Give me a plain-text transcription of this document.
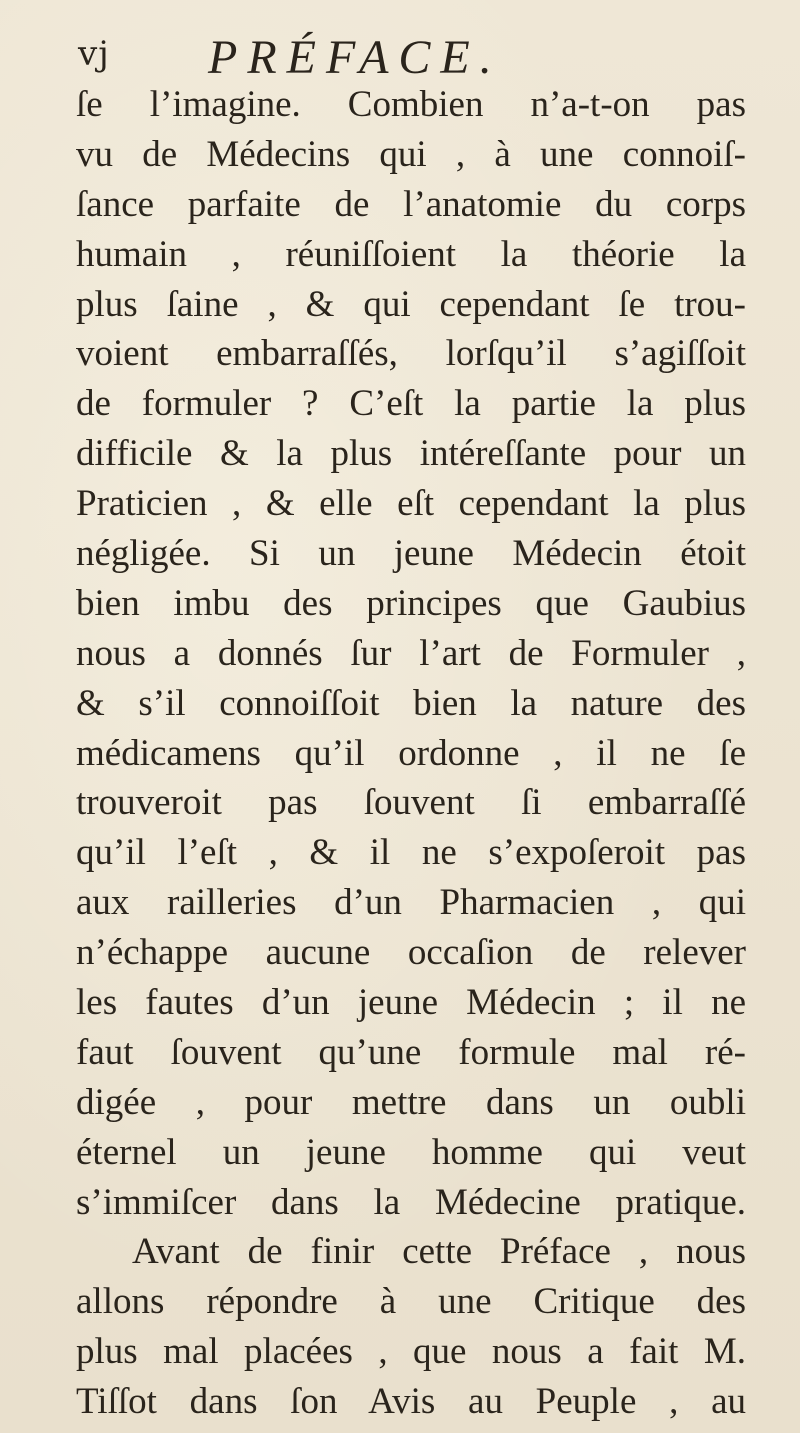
vj PRÉFACE.
ſe l’imagine. Combien n’a-t-on pas
vu de Médecins qui , à une connoiſ-
ſance parfaite de l’anatomie du corps
humain , réuniſſoient la théorie la
plus ſaine , & qui cependant ſe trou-
voient embarraſſés, lorſqu’il s’agiſſoit
de formuler ? C’eſt la partie la plus
difficile & la plus intéreſſante pour un
Praticien , & elle eſt cependant la plus
négligée. Si un jeune Médecin étoit
bien imbu des principes que Gaubius
nous a donnés ſur l’art de Formuler ,
& s’il connoiſſoit bien la nature des
médicamens qu’il ordonne , il ne ſe
trouveroit pas ſouvent ſi embarraſſé
qu’il l’eſt , & il ne s’expoſeroit pas
aux railleries d’un Pharmacien , qui
n’échappe aucune occaſion de relever
les fautes d’un jeune Médecin ; il ne
faut ſouvent qu’une formule mal ré-
digée , pour mettre dans un oubli
éternel un jeune homme qui veut
s’immiſcer dans la Médecine pratique.
Avant de finir cette Préface , nous
allons répondre à une Critique des
plus mal placées , que nous a fait M.
Tiſſot dans ſon Avis au Peuple , au
